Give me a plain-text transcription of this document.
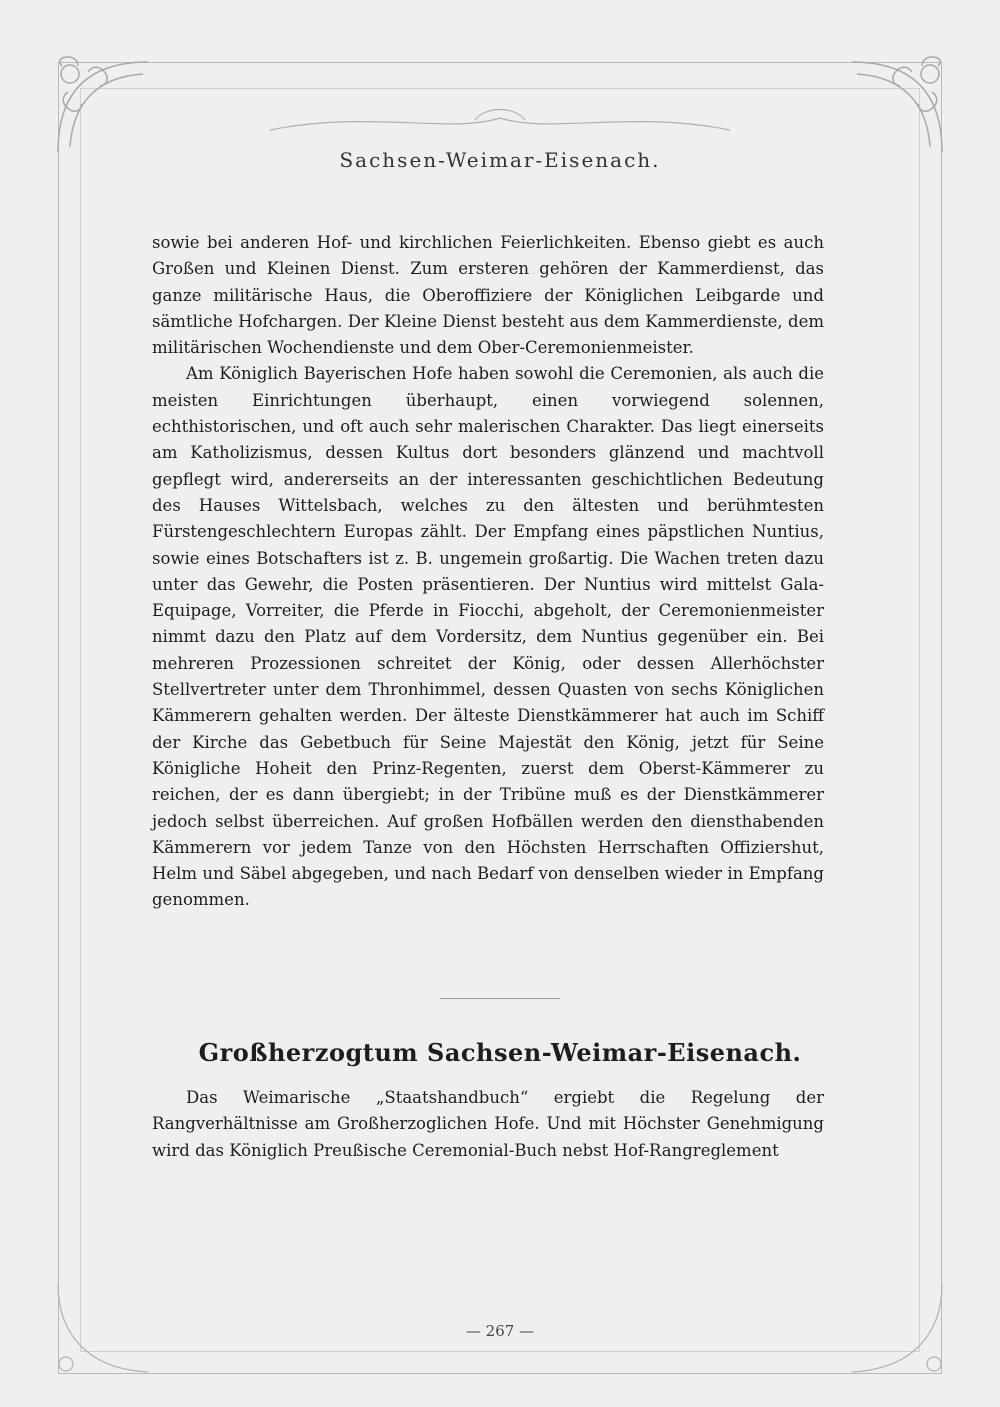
Sachsen-Weimar-Eisenach.

sowie bei anderen Hof- und kirchlichen Feierlichkeiten. Ebenso giebt es auch Großen und Kleinen Dienst. Zum ersteren gehören der Kammerdienst, das ganze militärische Haus, die Oberoffiziere der Königlichen Leibgarde und sämtliche Hofchargen. Der Kleine Dienst besteht aus dem Kammerdienste, dem militärischen Wochendienste und dem Ober-Ceremonienmeister.

Am Königlich Bayerischen Hofe haben sowohl die Ceremonien, als auch die meisten Einrichtungen überhaupt, einen vorwiegend solennen, echthistorischen, und oft auch sehr malerischen Charakter. Das liegt einerseits am Katholizismus, dessen Kultus dort besonders glänzend und machtvoll gepflegt wird, andererseits an der interessanten geschichtlichen Bedeutung des Hauses Wittelsbach, welches zu den ältesten und berühmtesten Fürstengeschlechtern Europas zählt. Der Empfang eines päpstlichen Nuntius, sowie eines Botschafters ist z. B. ungemein großartig. Die Wachen treten dazu unter das Gewehr, die Posten präsentieren. Der Nuntius wird mittelst Gala-Equipage, Vorreiter, die Pferde in Fiocchi, abgeholt, der Ceremonienmeister nimmt dazu den Platz auf dem Vordersitz, dem Nuntius gegenüber ein. Bei mehreren Prozessionen schreitet der König, oder dessen Allerhöchster Stellvertreter unter dem Thronhimmel, dessen Quasten von sechs Königlichen Kämmerern gehalten werden. Der älteste Dienstkämmerer hat auch im Schiff der Kirche das Gebetbuch für Seine Majestät den König, jetzt für Seine Königliche Hoheit den Prinz-Regenten, zuerst dem Oberst-Kämmerer zu reichen, der es dann übergiebt; in der Tribüne muß es der Dienstkämmerer jedoch selbst überreichen. Auf großen Hofbällen werden den diensthabenden Kämmerern vor jedem Tanze von den Höchsten Herrschaften Offiziershut, Helm und Säbel abgegeben, und nach Bedarf von denselben wieder in Empfang genommen.

Großherzogtum Sachsen-Weimar-Eisenach.

Das Weimarische „Staatshandbuch“ ergiebt die Regelung der Rangverhältnisse am Großherzoglichen Hofe. Und mit Höchster Genehmigung wird das Königlich Preußische Ceremonial-Buch nebst Hof-Rangreglement

— 267 —
